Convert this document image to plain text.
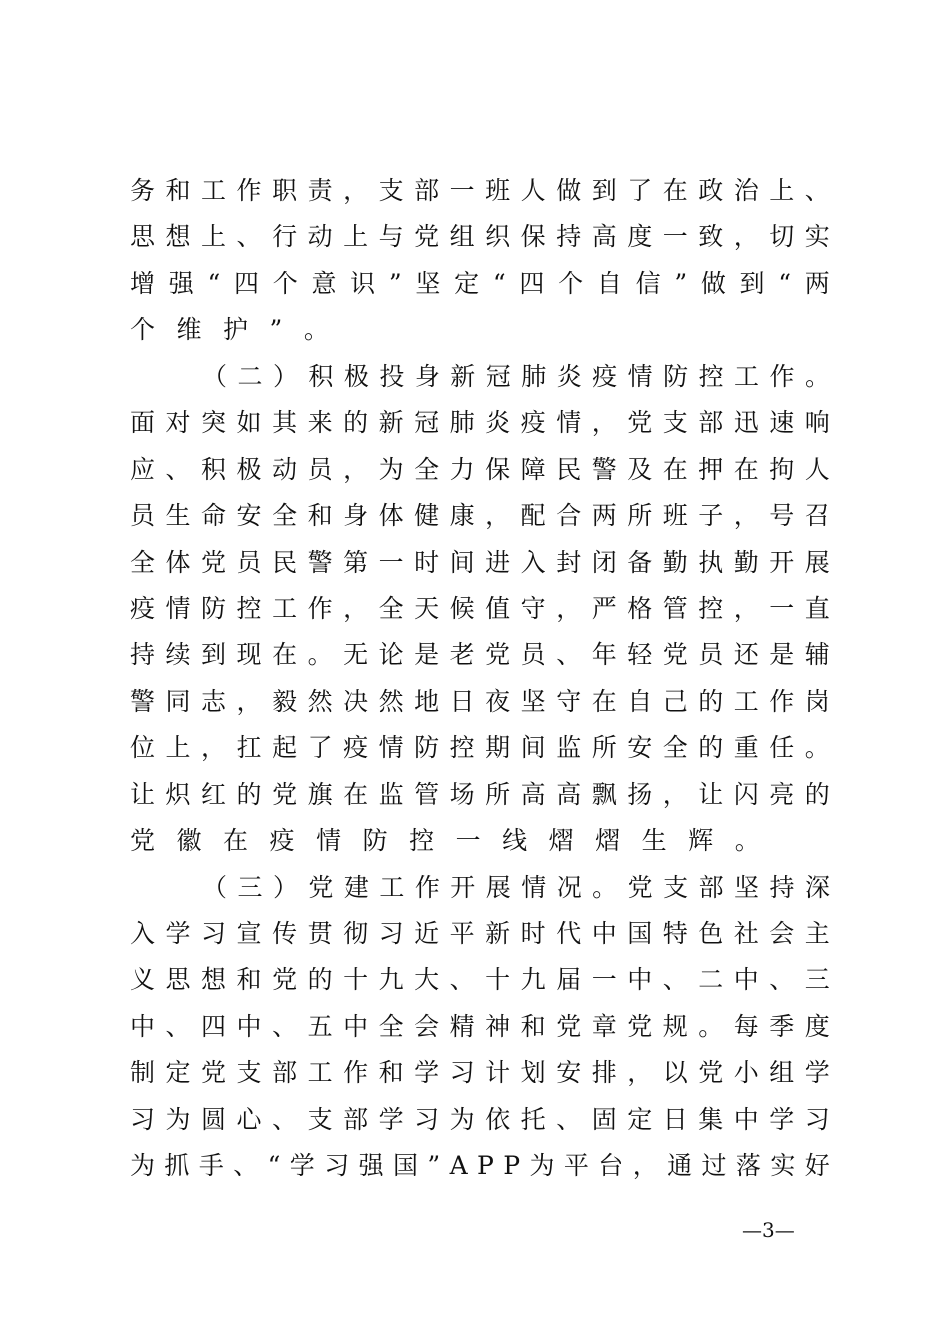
务 和 工 作 职 责 ， 支 部 一 班 人 做 到 了 在 政 治 上 、
思 想 上 、 行 动 上 与 党 组 织 保 持 高 度 一 致 ， 切 实
增 强 “ 四 个 意 识 ” 坚 定 “ 四 个 自 信 ” 做 到 “ 两
个 维 护 ” 。
（ 二 ） 积 极 投 身 新 冠 肺 炎 疫 情 防 控 工 作 。
面 对 突 如 其 来 的 新 冠 肺 炎 疫 情 ， 党 支 部 迅 速 响
应 、 积 极 动 员 ， 为 全 力 保 障 民 警 及 在 押 在 拘 人
员 生 命 安 全 和 身 体 健 康 ， 配 合 两 所 班 子 ， 号 召
全 体 党 员 民 警 第 一 时 间 进 入 封 闭 备 勤 执 勤 开 展
疫 情 防 控 工 作 ， 全 天 候 值 守 ， 严 格 管 控 ， 一 直
持 续 到 现 在 。 无 论 是 老 党 员 、 年 轻 党 员 还 是 辅
警 同 志 ， 毅 然 决 然 地 日 夜 坚 守 在 自 己 的 工 作 岗
位 上 ， 扛 起 了 疫 情 防 控 期 间 监 所 安 全 的 重 任 。
让 炽 红 的 党 旗 在 监 管 场 所 高 高 飘 扬 ， 让 闪 亮 的
党 徽 在 疫 情 防 控 一 线 熠 熠 生 辉 。
（ 三 ） 党 建 工 作 开 展 情 况 。 党 支 部 坚 持 深
入 学 习 宣 传 贯 彻 习 近 平 新 时 代 中 国 特 色 社 会 主
义 思 想 和 党 的 十 九 大 、 十 九 届 一 中 、 二 中 、 三
中 、 四 中 、 五 中 全 会 精 神 和 党 章 党 规 。 每 季 度
制 定 党 支 部 工 作 和 学 习 计 划 安 排 ， 以 党 小 组 学
习 为 圆 心 、 支 部 学 习 为 依 托 、 固 定 日 集 中 学 习
为 抓 手 、 “ 学 习 强 国 ” A P P 为 平 台 ， 通 过 落 实 好
—3—
